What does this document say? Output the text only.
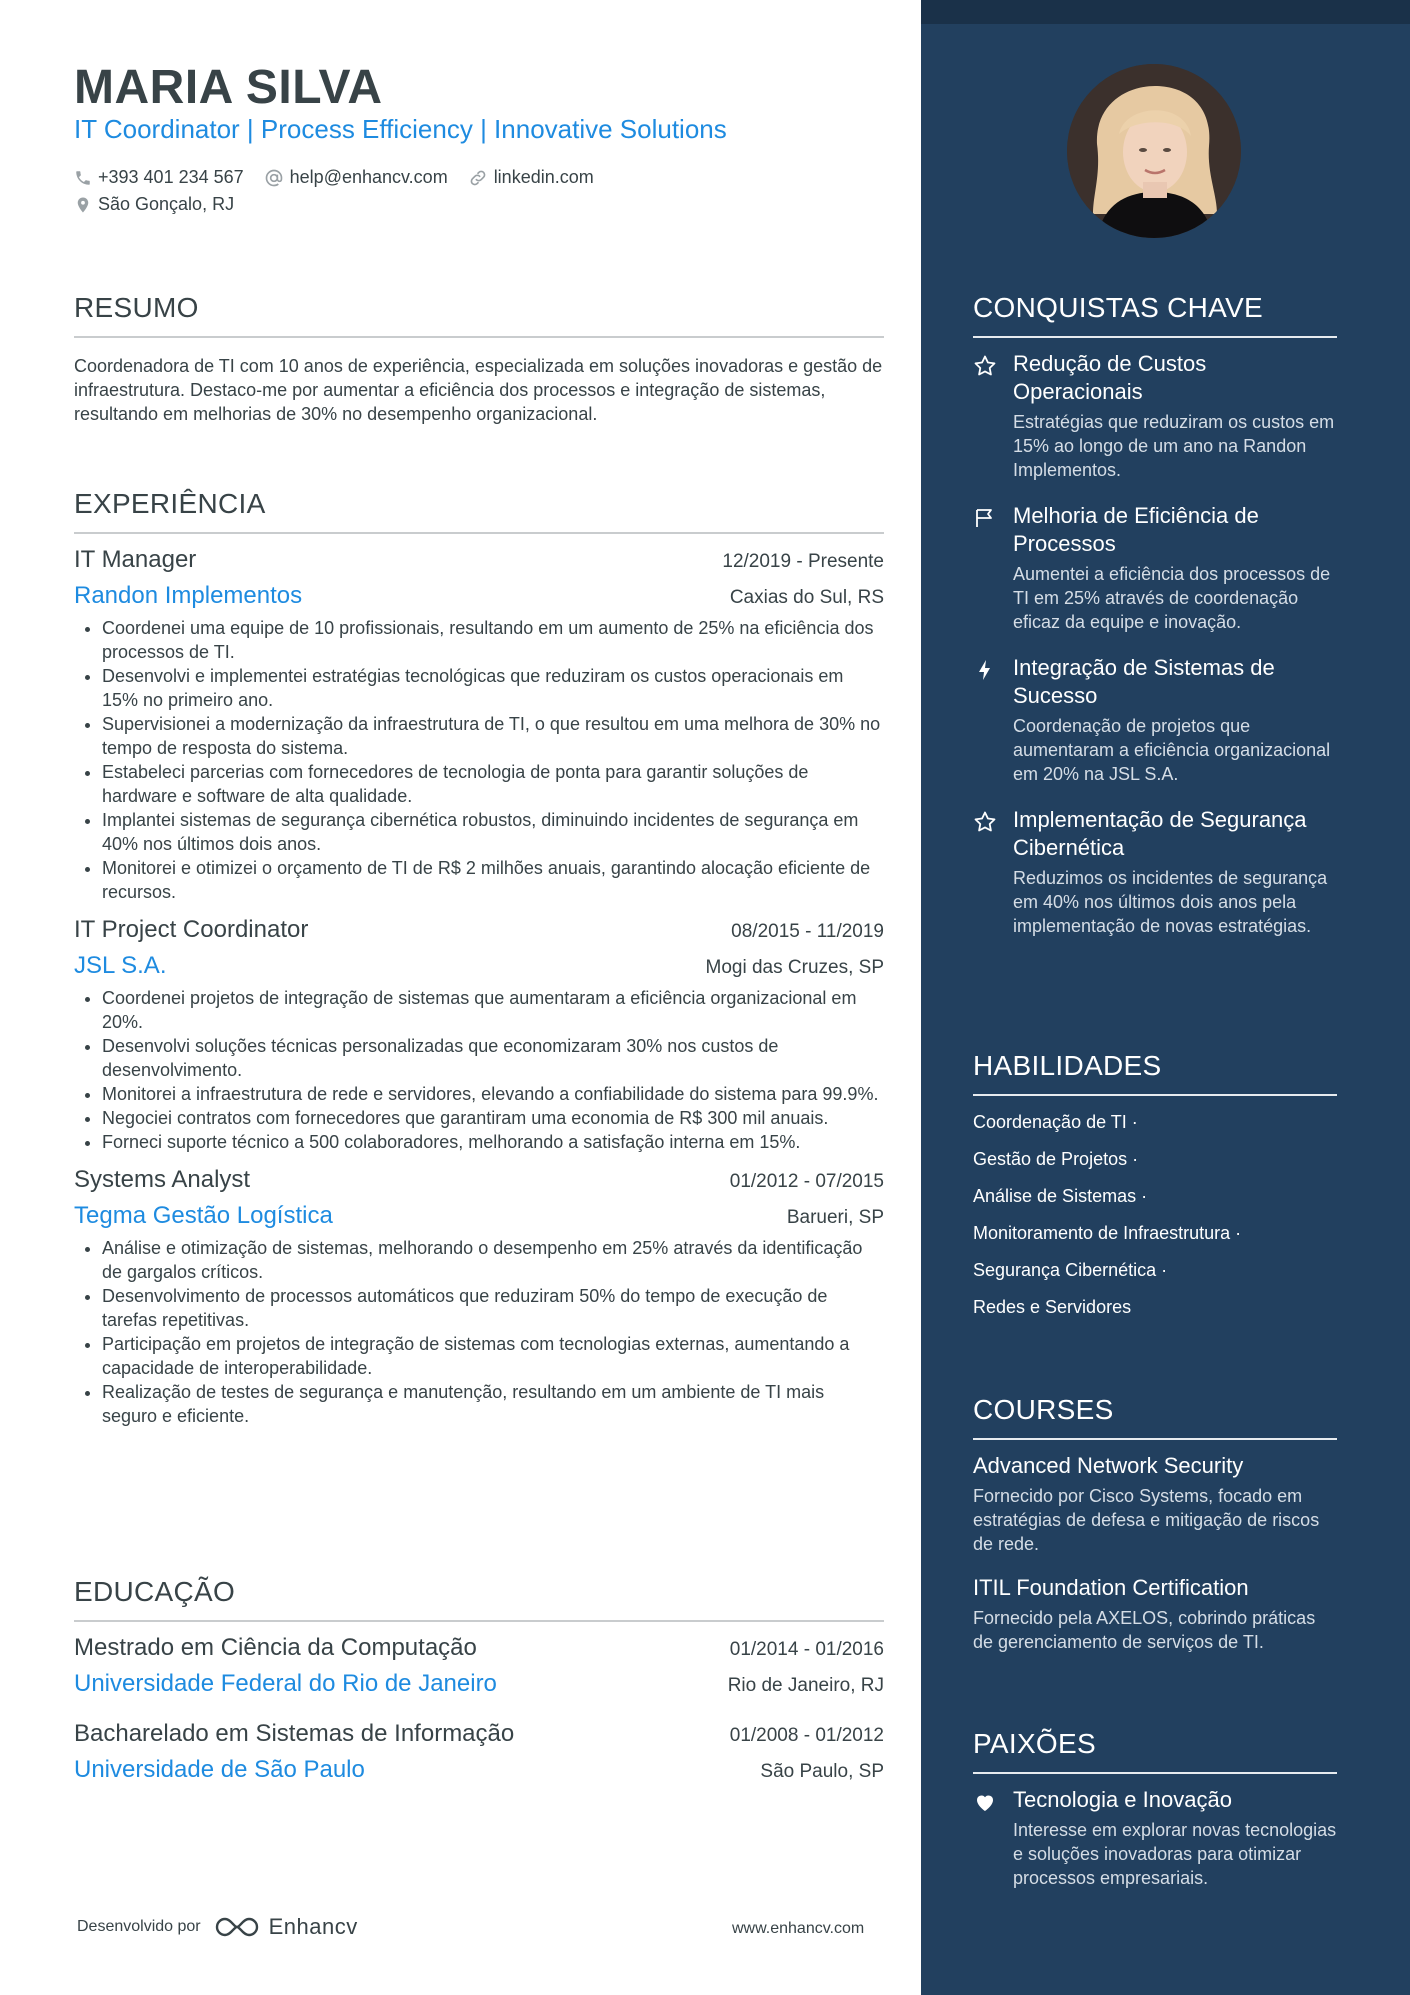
MARIA SILVA
IT Coordinator | Process Efficiency | Innovative Solutions
+393 401 234 567	help@enhancv.com	linkedin.com
São Gonçalo, RJ
RESUMO

Coordenadora de TI com 10 anos de experiência, especializada em soluções inovadoras e gestão de infraestrutura. Destaco-me por aumentar a eficiência dos processos e integração de sistemas, resultando em melhorias de 30% no desempenho organizacional.

EXPERIÊNCIA
IT Manager	12/2019 - Presente
Randon Implementos	Caxias do Sul, RS
• Coordenei uma equipe de 10 profissionais, resultando em um aumento de 25% na eficiência dos processos de TI.
• Desenvolvi e implementei estratégias tecnológicas que reduziram os custos operacionais em 15% no primeiro ano.
• Supervisionei a modernização da infraestrutura de TI, o que resultou em uma melhora de 30% no tempo de resposta do sistema.
• Estabeleci parcerias com fornecedores de tecnologia de ponta para garantir soluções de hardware e software de alta qualidade.
• Implantei sistemas de segurança cibernética robustos, diminuindo incidentes de segurança em 40% nos últimos dois anos.
• Monitorei e otimizei o orçamento de TI de R$ 2 milhões anuais, garantindo alocação eficiente de recursos.
IT Project Coordinator	08/2015 - 11/2019
JSL S.A.	Mogi das Cruzes, SP
• Coordenei projetos de integração de sistemas que aumentaram a eficiência organizacional em 20%.
• Desenvolvi soluções técnicas personalizadas que economizaram 30% nos custos de desenvolvimento.
• Monitorei a infraestrutura de rede e servidores, elevando a confiabilidade do sistema para 99.9%.
• Negociei contratos com fornecedores que garantiram uma economia de R$ 300 mil anuais.
• Forneci suporte técnico a 500 colaboradores, melhorando a satisfação interna em 15%.
Systems Analyst	01/2012 - 07/2015
Tegma Gestão Logística	Barueri, SP
• Análise e otimização de sistemas, melhorando o desempenho em 25% através da identificação de gargalos críticos.
• Desenvolvimento de processos automáticos que reduziram 50% do tempo de execução de tarefas repetitivas.
• Participação em projetos de integração de sistemas com tecnologias externas, aumentando a capacidade de interoperabilidade.
• Realização de testes de segurança e manutenção, resultando em um ambiente de TI mais seguro e eficiente.
EDUCAÇÃO
Mestrado em Ciência da Computação	01/2014 - 01/2016
Universidade Federal do Rio de Janeiro	Rio de Janeiro, RJ
Bacharelado em Sistemas de Informação	01/2008 - 01/2012
Universidade de São Paulo	São Paulo, SP
Desenvolvido por	Enhancv	www.enhancv.com
CONQUISTAS CHAVE
Redução de Custos Operacionais
Estratégias que reduziram os custos em 15% ao longo de um ano na Randon Implementos.
Melhoria de Eficiência de Processos
Aumentei a eficiência dos processos de TI em 25% através de coordenação eficaz da equipe e inovação.
Integração de Sistemas de Sucesso
Coordenação de projetos que aumentaram a eficiência organizacional em 20% na JSL S.A.
Implementação de Segurança Cibernética
Reduzimos os incidentes de segurança em 40% nos últimos dois anos pela implementação de novas estratégias.
HABILIDADES
Coordenação de TI ·
Gestão de Projetos ·
Análise de Sistemas ·
Monitoramento de Infraestrutura ·
Segurança Cibernética ·
Redes e Servidores
COURSES
Advanced Network Security
Fornecido por Cisco Systems, focado em estratégias de defesa e mitigação de riscos de rede.
ITIL Foundation Certification
Fornecido pela AXELOS, cobrindo práticas de gerenciamento de serviços de TI.
PAIXÕES
Tecnologia e Inovação
Interesse em explorar novas tecnologias e soluções inovadoras para otimizar processos empresariais.
